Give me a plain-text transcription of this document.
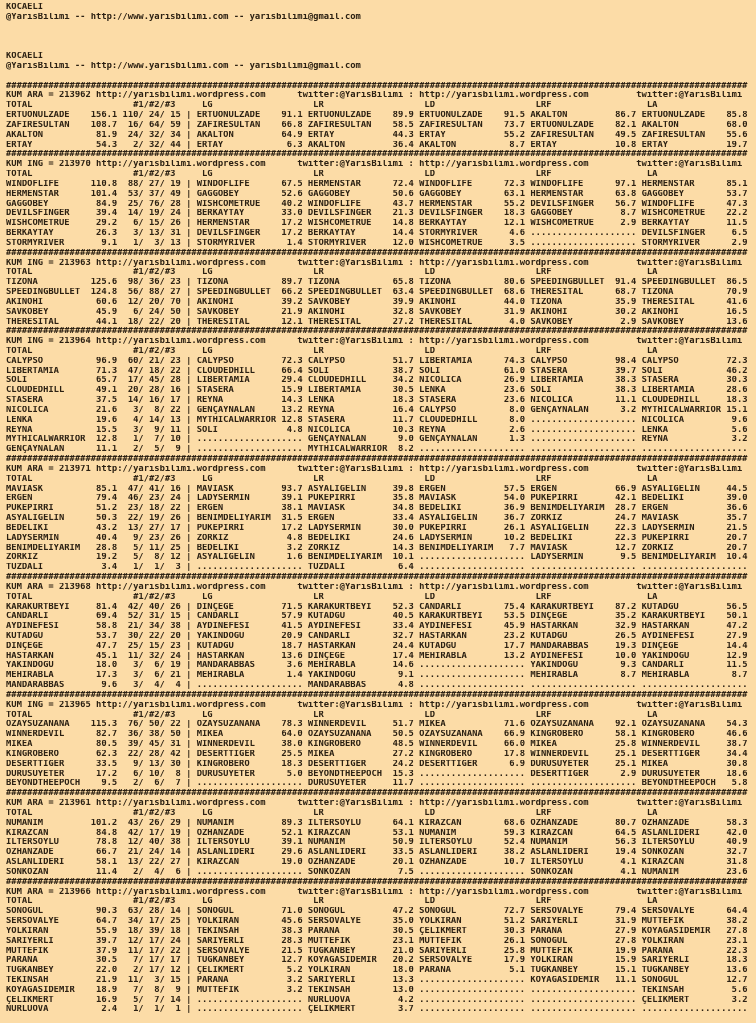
KOCAELI
@YarisBilimi -- http://www.yarisbilimi.com -- yarisbilimi@gmail.com
KOCAELI
@YarisBilimi -- http://www.yarisbilimi.com -- yarisbilimi@gmail.com
############################################################################################################################################
KUM ARA = 213962 http://yarisbilimi.wordpress.com      twitter:@YarisBilimi : http://yarisbilimi.wordpress.com         twitter:@YarisBilimi
TOTAL                   #1/#2/#3     LG                   LR                   LD                   LRF                  LA
ERTUONULZADE    156.1 110/ 24/ 15 | ERTUONULZADE    91.1 ERTUONULZADE    89.9 ERTUONULZADE    91.5 AKALTON         86.7 ERTUONULZADE    85.8
ZAFIRESULTAN    108.7  16/ 64/ 59 | ZAFIRESULTAN    66.8 ZAFIRESULTAN    58.5 ZAFIRESULTAN    73.7 ERTUONULZADE    82.1 AKALTON         68.0
AKALTON          81.9  24/ 32/ 34 | AKALTON         64.9 ERTAY           44.3 ERTAY           55.2 ZAFIRESULTAN    49.5 ZAFIRESULTAN    55.6
ERTAY            54.3   2/ 32/ 44 | ERTAY            6.3 AKALTON         36.4 AKALTON          8.7 ERTAY           10.8 ERTAY           19.7
############################################################################################################################################
KUM ING = 213970 http://yarisbilimi.wordpress.com      twitter:@YarisBilimi : http://yarisbilimi.wordpress.com         twitter:@YarisBilimi
TOTAL                   #1/#2/#3     LG                   LR                   LD                   LRF                  LA
WINDOFLIFE      110.8  88/ 27/ 19 | WINDOFLIFE      67.5 HERMENSTAR      72.4 WINDOFLIFE      72.3 WINDOFLIFE      97.1 HERMENSTAR      85.1
HERMENSTAR      101.4  53/ 37/ 49 | GAGGOBEY        52.6 GAGGOBEY        50.6 GAGGOBEY        63.1 HERMENSTAR      63.8 GAGGOBEY        53.7
GAGGOBEY         84.9  25/ 76/ 28 | WISHCOMETRUE    40.2 WINDOFLIFE      43.7 HERMENSTAR      55.2 DEVILSFINGER    56.7 WINDOFLIFE      47.3
DEVILSFINGER     39.4  14/ 19/ 24 | BERKAYTAY       33.0 DEVILSFINGER    21.3 DEVILSFINGER    18.3 GAGGOBEY         8.7 WISHCOMETRUE    22.2
WISHCOMETRUE     29.2   6/ 15/ 26 | HERMENSTAR      17.2 WISHCOMETRUE    14.8 BERKAYTAY       12.1 WISHCOMETRUE     2.9 BERKAYTAY       11.5
BERKAYTAY        26.3   3/ 13/ 31 | DEVILSFINGER    17.2 BERKAYTAY       14.4 STORMYRIVER      4.6 .................... DEVILSFINGER     6.5
STORMYRIVER       9.1   1/  3/ 13 | STORMYRIVER      1.4 STORMYRIVER     12.0 WISHCOMETRUE     3.5 .................... STORMYRIVER      2.9
############################################################################################################################################
KUM ING = 213963 http://yarisbilimi.wordpress.com      twitter:@YarisBilimi : http://yarisbilimi.wordpress.com         twitter:@YarisBilimi
TOTAL                   #1/#2/#3     LG                   LR                   LD                   LRF                  LA
TIZONA          125.6  98/ 36/ 23 | TIZONA          89.7 TIZONA          65.8 TIZONA          80.6 SPEEDINGBULLET  91.4 SPEEDINGBULLET  86.5
SPEEDINGBULLET  124.8  56/ 88/ 27 | SPEEDINGBULLET  66.2 SPEEDINGBULLET  63.4 SPEEDINGBULLET  68.6 THERESITAL      68.7 TIZONA          70.9
AKINOHI          60.6  12/ 20/ 70 | AKINOHI         39.2 SAVKOBEY        39.9 AKINOHI         44.0 TIZONA          35.9 THERESITAL      41.6
SAVKOBEY         45.9   6/ 24/ 50 | SAVKOBEY        21.9 AKINOHI         32.8 SAVKOBEY        31.9 AKINOHI         30.2 AKINOHI         16.5
THERESITAL       44.1  18/ 22/ 20 | THERESITAL      12.1 THERESITAL      27.2 THERESITAL       4.0 SAVKOBEY         2.9 SAVKOBEY        13.6
############################################################################################################################################
KUM ING = 213964 http://yarisbilimi.wordpress.com      twitter:@YarisBilimi : http://yarisbilimi.wordpress.com         twitter:@YarisBilimi
TOTAL                   #1/#2/#3     LG                   LR                   LD                   LRF                  LA
CALYPSO          96.9  60/ 21/ 23 | CALYPSO         72.3 CALYPSO         51.7 LIBERTAMIA      74.3 CALYPSO         98.4 CALYPSO         72.3
LIBERTAMIA       71.3  47/ 18/ 22 | CLOUDEDHILL     66.4 SOLI            38.7 SOLI            61.0 STASERA         39.7 SOLI            46.2
SOLI             65.7  17/ 45/ 28 | LIBERTAMIA      29.4 CLOUDEDHILL     34.2 NICOLICA        26.9 LIBERTAMIA      38.3 STASERA         30.3
CLOUDEDHILL      49.1  20/ 28/ 16 | STASERA         15.9 LIBERTAMIA      30.5 LENKA           23.6 SOLI            38.3 LIBERTAMIA      28.6
STASERA          37.5  14/ 16/ 17 | REYNA           14.3 LENKA           18.3 STASERA         23.6 NICOLICA        11.1 CLOUDEDHILL     18.3
NICOLICA         21.6   3/  8/ 22 | GENÇAYNALAN     13.2 REYNA           16.4 CALYPSO          8.0 GENÇAYNALAN      3.2 MYTHICALWARRIOR 15.1
LENKA            19.6   4/ 14/ 13 | MYTHICALWARRIOR 12.8 STASERA         11.7 CLOUDEDHILL      8.0 .................... NICOLICA         9.6
REYNA            15.5   3/  9/ 11 | SOLI             4.8 NICOLICA        10.3 REYNA            2.6 .................... LENKA            5.6
MYTHICALWARRIOR  12.8   1/  7/ 10 | .................... GENÇAYNALAN      9.0 GENÇAYNALAN      1.3 .................... REYNA            3.2
GENÇAYNALAN      11.1   2/  5/  9 | .................... MYTHICALWARRIOR  8.2 .................... .................... ....................
############################################################################################################################################
KUM ARA = 213971 http://yarisbilimi.wordpress.com      twitter:@YarisBilimi : http://yarisbilimi.wordpress.com         twitter:@YarisBilimi
TOTAL                   #1/#2/#3     LG                   LR                   LD                   LRF                  LA
MAVIASK          85.1  47/ 41/ 16 | MAVIASK         93.7 ASYALIGELIN     39.8 ERGEN           57.5 ERGEN           66.9 ASYALIGELIN     44.5
ERGEN            79.4  46/ 23/ 24 | LADYSERMIN      39.1 PUKEPIRRI       35.8 MAVIASK         54.0 PUKEPIRRI       42.1 BEDELIKI        39.0
PUKEPIRRI        51.2  23/ 18/ 22 | ERGEN           38.1 MAVIASK         34.8 BEDELIKI        36.9 BENIMDELIYARIM  28.7 ERGEN           36.6
ASYALIGELIN      50.3  22/ 19/ 26 | BENIMDELIYARIM  31.5 ERGEN           33.4 ASYALIGELIN     36.7 ZORKIZ          24.7 MAVIASK         35.7
BEDELIKI         43.2  13/ 27/ 17 | PUKEPIRRI       17.2 LADYSERMIN      30.0 PUKEPIRRI       26.1 ASYALIGELIN     22.3 LADYSERMIN      21.5
LADYSERMIN       40.4   9/ 23/ 26 | ZORKIZ           4.8 BEDELIKI        24.6 LADYSERMIN      10.2 BEDELIKI        22.3 PUKEPIRRI       20.7
BENIMDELIYARIM   28.8   5/ 11/ 25 | BEDELIKI         3.2 ZORKIZ          14.3 BENIMDELIYARIM   7.7 MAVIASK         12.7 ZORKIZ          20.7
ZORKIZ           19.2   5/  8/ 12 | ASYALIGELIN      1.6 BENIMDELIYARIM  10.1 .................... LADYSERMIN       9.5 BENIMDELIYARIM  10.4
TUZDALI           3.4   1/  1/  3 | .................... TUZDALI          6.4 .................... .................... ....................
############################################################################################################################################
KUM ARA = 213968 http://yarisbilimi.wordpress.com      twitter:@YarisBilimi : http://yarisbilimi.wordpress.com         twitter:@YarisBilimi
TOTAL                   #1/#2/#3     LG                   LR                   LD                   LRF                  LA
KARAKURTBEYI     81.4  42/ 40/ 26 | DINÇEGE         71.5 KARAKURTBEYI    52.3 CANDARLI        75.4 KARAKURTBEYI    87.2 KUTADGU         56.5
CANDARLI         69.4  52/ 31/ 15 | CANDARLI        57.9 KUTADGU         40.5 KARAKURTBEYI    53.5 DINÇEGE         35.2 KARAKURTBEYI    50.1
AYDINEFESI       58.8  21/ 34/ 38 | AYDINEFESI      41.5 AYDINEFESI      33.4 AYDINEFESI      45.9 HASTARKAN       32.9 HASTARKAN       47.2
KUTADGU          53.7  30/ 22/ 20 | YAKINDOGU       20.9 CANDARLI        32.7 HASTARKAN       23.2 KUTADGU         26.5 AYDINEFESI      27.9
DINÇEGE          47.7  25/ 15/ 23 | KUTADGU         18.7 HASTARKAN       24.4 KUTADGU         17.7 MANDARABBAS     19.3 DINÇEGE         14.4
HASTARKAN        45.1  11/ 32/ 24 | HASTARKAN       13.6 DINÇEGE         17.4 MEHIRABLA       13.2 AYDINEFESI      10.0 YAKINDOGU       12.9
YAKINDOGU        18.0   3/  6/ 19 | MANDARABBAS      3.6 MEHIRABLA       14.6 .................... YAKINDOGU        9.3 CANDARLI        11.5
MEHIRABLA        17.3   3/  6/ 21 | MEHIRABLA        1.4 YAKINDOGU        9.1 .................... MEHIRABLA        8.7 MEHIRABLA        8.7
MANDARABBAS       9.6   3/  4/  4 | .................... MANDARABBAS      4.8 .................... .................... ....................
############################################################################################################################################
KUM ING = 213965 http://yarisbilimi.wordpress.com      twitter:@YarisBilimi : http://yarisbilimi.wordpress.com         twitter:@YarisBilimi
TOTAL                   #1/#2/#3     LG                   LR                   LD                   LRF                  LA
ÖZAYSUZANANA    115.3  76/ 50/ 22 | ÖZAYSUZANANA    78.3 WINNERDEVIL     51.7 MIKEA           71.6 ÖZAYSUZANANA    92.1 ÖZAYSUZANANA    54.3
WINNERDEVIL      82.7  36/ 38/ 50 | MIKEA           64.0 ÖZAYSUZANANA    50.5 ÖZAYSUZANANA    66.9 KINGROBERO      58.1 KINGROBERO      46.6
MIKEA            80.5  39/ 45/ 31 | WINNERDEVIL     38.0 KINGROBERO      48.5 WINNERDEVIL     66.0 MIKEA           25.8 WINNERDEVIL     38.7
KINGROBERO       62.3  22/ 28/ 42 | DESERTTIGER     25.5 MIKEA           27.2 KINGROBERO      17.8 WINNERDEVIL     25.1 DESERTTIGER     34.4
DESERTTIGER      33.5   9/ 13/ 30 | KINGROBERO      18.3 DESERTTIGER     24.2 DESERTTIGER      6.9 DURUSUYETER     25.1 MIKEA           30.8
DURUSUYETER      17.2   6/ 10/  8 | DURUSUYETER      5.0 BEYONDTHEEPOCH  15.3 .................... DESERTTIGER      2.9 DURUSUYETER     18.6
BEYONDTHEEPOCH    9.5   2/  6/  7 | .................... DURUSUYETER     11.7 .................... .................... BEYONDTHEEPOCH   5.8
############################################################################################################################################
KUM ARA = 213961 http://yarisbilimi.wordpress.com      twitter:@YarisBilimi : http://yarisbilimi.wordpress.com         twitter:@YarisBilimi
TOTAL                   #1/#2/#3     LG                   LR                   LD                   LRF                  LA
NUMANIM         101.2  43/ 26/ 29 | NUMANIM         89.3 ILTERSOYLU      64.1 KIRAZCAN        68.6 ÖZHANZADE       80.7 ÖZHANZADE       58.3
KIRAZCAN         84.8  42/ 17/ 19 | ÖZHANZADE       52.1 KIRAZCAN        53.1 NUMANIM         59.3 KIRAZCAN        64.5 ASLANLIDERI     42.0
ILTERSOYLU       78.8  12/ 40/ 38 | ILTERSOYLU      39.1 NUMANIM         50.9 ILTERSOYLU      52.4 NUMANIM         56.3 ILTERSOYLU      40.9
ÖZHANZADE        66.7  21/ 24/ 14 | ASLANLIDERI     29.6 ASLANLIDERI     33.5 ASLANLIDERI     38.2 ASLANLIDERI     19.4 SONKOZAN        32.7
ASLANLIDERI      58.1  13/ 22/ 27 | KIRAZCAN        19.0 ÖZHANZADE       20.1 ÖZHANZADE       10.7 ILTERSOYLU       4.1 KIRAZCAN        31.8
SONKOZAN         11.4   2/  4/  6 | .................... SONKOZAN         7.5 .................... SONKOZAN         4.1 NUMANIM         23.6
############################################################################################################################################
KUM ARA = 213966 http://yarisbilimi.wordpress.com      twitter:@YarisBilimi : http://yarisbilimi.wordpress.com         twitter:@YarisBilimi
TOTAL                   #1/#2/#3     LG                   LR                   LD                   LRF                  LA
SONOGUL          90.3  63/ 28/ 14 | SONOGUL         71.0 SONOGUL         47.2 SONOGUL         72.7 SERSÖVALYE      79.4 SERSÖVALYE      64.4
SERSÖVALYE       64.7  34/ 17/ 25 | YOLKIRAN        45.6 SERSÖVALYE      35.0 YOLKIRAN        51.2 SARIYERLI       31.9 MÜTTEFIK        38.2
YOLKIRAN         55.9  18/ 39/ 18 | TEKINSAH        38.3 PARANA          30.5 ÇELIKMERT       30.3 PARANA          27.9 KÖYAGASIDEMIR   27.8
SARIYERLI        39.7  12/ 17/ 24 | SARIYERLI       28.3 MÜTTEFIK        23.1 MÜTTEFIK        26.1 SONOGUL         27.8 YOLKIRAN        23.1
MÜTTEFIK         37.9  11/ 17/ 22 | SERSÖVALYE      21.5 TUGKANBEY       21.0 SARIYERLI       25.8 MÜTTEFIK        19.9 PARANA          22.3
PARANA           30.5   7/ 17/ 17 | TUGKANBEY       12.7 KÖYAGASIDEMIR   20.2 SERSÖVALYE      17.9 YOLKIRAN        15.9 SARIYERLI       18.3
TUGKANBEY        22.0   2/ 17/ 12 | ÇELIKMERT        5.2 YOLKIRAN        18.0 PARANA           5.1 TUGKANBEY       15.1 TUGKANBEY       13.6
TEKINSAH         21.9  11/  3/ 15 | PARANA           3.2 SARIYERLI       13.3 .................... KÖYAGASIDEMIR   11.1 SONOGUL         12.7
KÖYAGASIDEMIR    18.9   7/  8/  9 | MÜTTEFIK         3.2 TEKINSAH        13.0 .................... .................... TEKINSAH         5.6
ÇELIKMERT        16.9   5/  7/ 14 | .................... NURLUOVA         4.2 .................... .................... ÇELIKMERT        3.2
NURLUOVA          2.4   1/  1/  1 | .................... ÇELIKMERT        3.7 .................... .................... ....................
